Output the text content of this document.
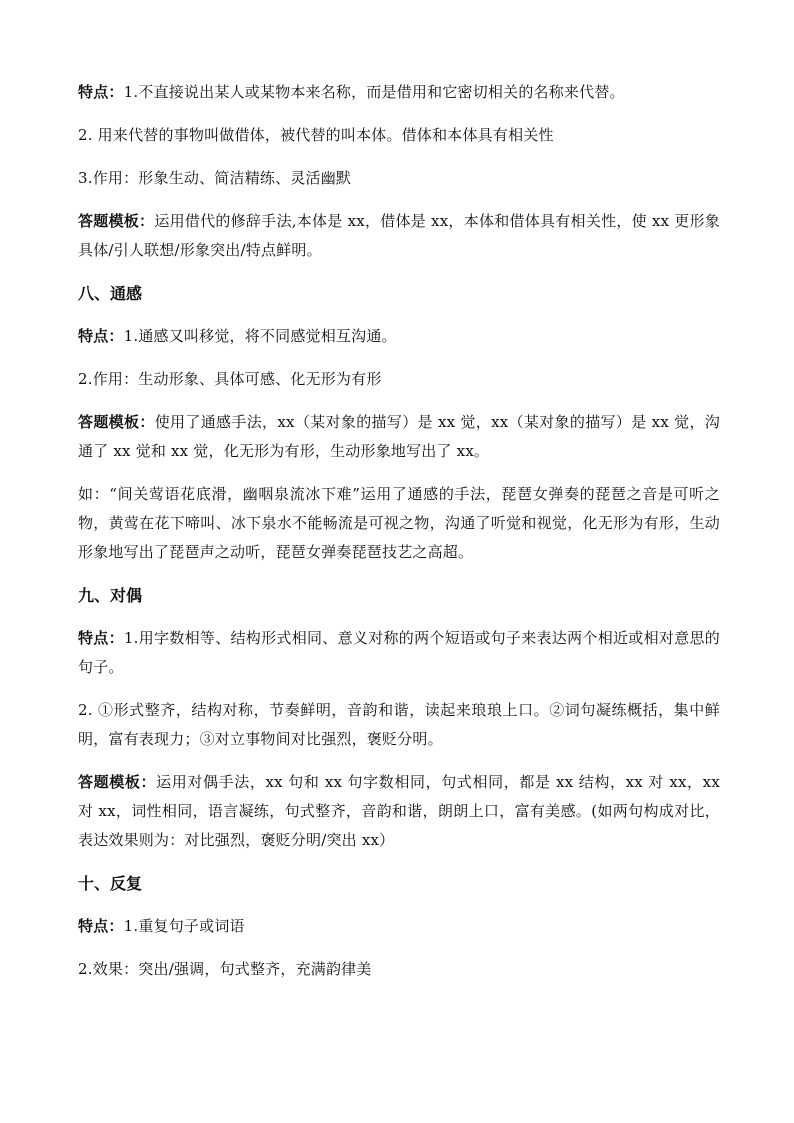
特点：1.不直接说出某人或某物本来名称，而是借用和它密切相关的名称来代替。

2. 用来代替的事物叫做借体，被代替的叫本体。借体和本体具有相关性

3.作用：形象生动、简洁精练、灵活幽默

答题模板：运用借代的修辞手法,本体是 xx，借体是 xx，本体和借体具有相关性，使 xx 更形象具体/引人联想/形象突出/特点鲜明。

八、通感

特点：1.通感又叫移觉，将不同感觉相互沟通。

2.作用：生动形象、具体可感、化无形为有形

答题模板：使用了通感手法，xx（某对象的描写）是 xx 觉，xx（某对象的描写）是 xx 觉，沟通了 xx 觉和 xx 觉，化无形为有形，生动形象地写出了 xx。

如：“间关莺语花底滑，幽咽泉流冰下难”运用了通感的手法，琵琶女弹奏的琵琶之音是可听之物，黄莺在花下啼叫、冰下泉水不能畅流是可视之物，沟通了听觉和视觉，化无形为有形，生动形象地写出了琵琶声之动听，琵琶女弹奏琵琶技艺之高超。

九、对偶

特点：1.用字数相等、结构形式相同、意义对称的两个短语或句子来表达两个相近或相对意思的句子。

2. ①形式整齐，结构对称，节奏鲜明，音韵和谐，读起来琅琅上口。②词句凝练概括，集中鲜明，富有表现力；③对立事物间对比强烈，褒贬分明。

答题模板：运用对偶手法，xx 句和 xx 句字数相同，句式相同，都是 xx 结构，xx 对 xx，xx 对 xx，词性相同，语言凝练，句式整齐，音韵和谐，朗朗上口，富有美感。(如两句构成对比，表达效果则为：对比强烈，褒贬分明/突出 xx）

十、反复

特点：1.重复句子或词语

2.效果：突出/强调，句式整齐，充满韵律美
